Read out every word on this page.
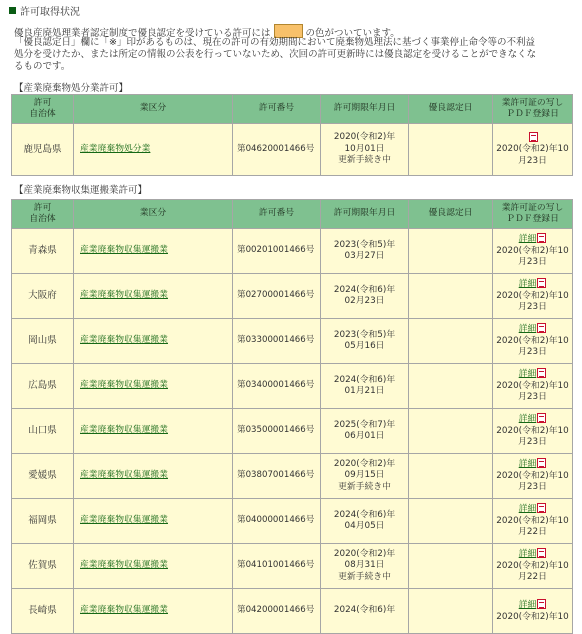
許可取得状況
優良産廃処理業者認定制度で優良認定を受けている許可には	の色がついています。
「優良認定日」欄に「※」印があるものは、現在の許可の有効期間において廃棄物処理法に基づく事業停止命令等の不利益
処分を受けたか、または所定の情報の公表を行っていないため、次回の許可更新時には優良認定を受けることができなくな
るものです。
【産業廃棄物処分業許可】
許可
自治体	業区分	許可番号	許可期限年月日	優良認定日	業許可証の写し
ＰＤＦ登録日
鹿児島県	産業廃棄物処分業	第04620001466号	2020(令和2)年
10月01日
更新手続き中		2020(令和2)年10
月23日
【産業廃棄物収集運搬業許可】
許可
自治体	業区分	許可番号	許可期限年月日	優良認定日	業許可証の写し
ＰＤＦ登録日
青森県	産業廃棄物収集運搬業	第00201001466号	2023(令和5)年
03月27日		詳細
2020(令和2)年10
月23日
大阪府	産業廃棄物収集運搬業	第02700001466号	2024(令和6)年
02月23日		詳細
2020(令和2)年10
月23日
岡山県	産業廃棄物収集運搬業	第03300001466号	2023(令和5)年
05月16日		詳細
2020(令和2)年10
月23日
広島県	産業廃棄物収集運搬業	第03400001466号	2024(令和6)年
01月21日		詳細
2020(令和2)年10
月23日
山口県	産業廃棄物収集運搬業	第03500001466号	2025(令和7)年
06月01日		詳細
2020(令和2)年10
月23日
愛媛県	産業廃棄物収集運搬業	第03807001466号	2020(令和2)年
09月15日
更新手続き中		詳細
2020(令和2)年10
月23日
福岡県	産業廃棄物収集運搬業	第04000001466号	2024(令和6)年
04月05日		詳細
2020(令和2)年10
月22日
佐賀県	産業廃棄物収集運搬業	第04101001466号	2020(令和2)年
08月31日
更新手続き中		詳細
2020(令和2)年10
月22日
長崎県	産業廃棄物収集運搬業	第04200001466号	2024(令和6)年		詳細
2020(令和2)年10
